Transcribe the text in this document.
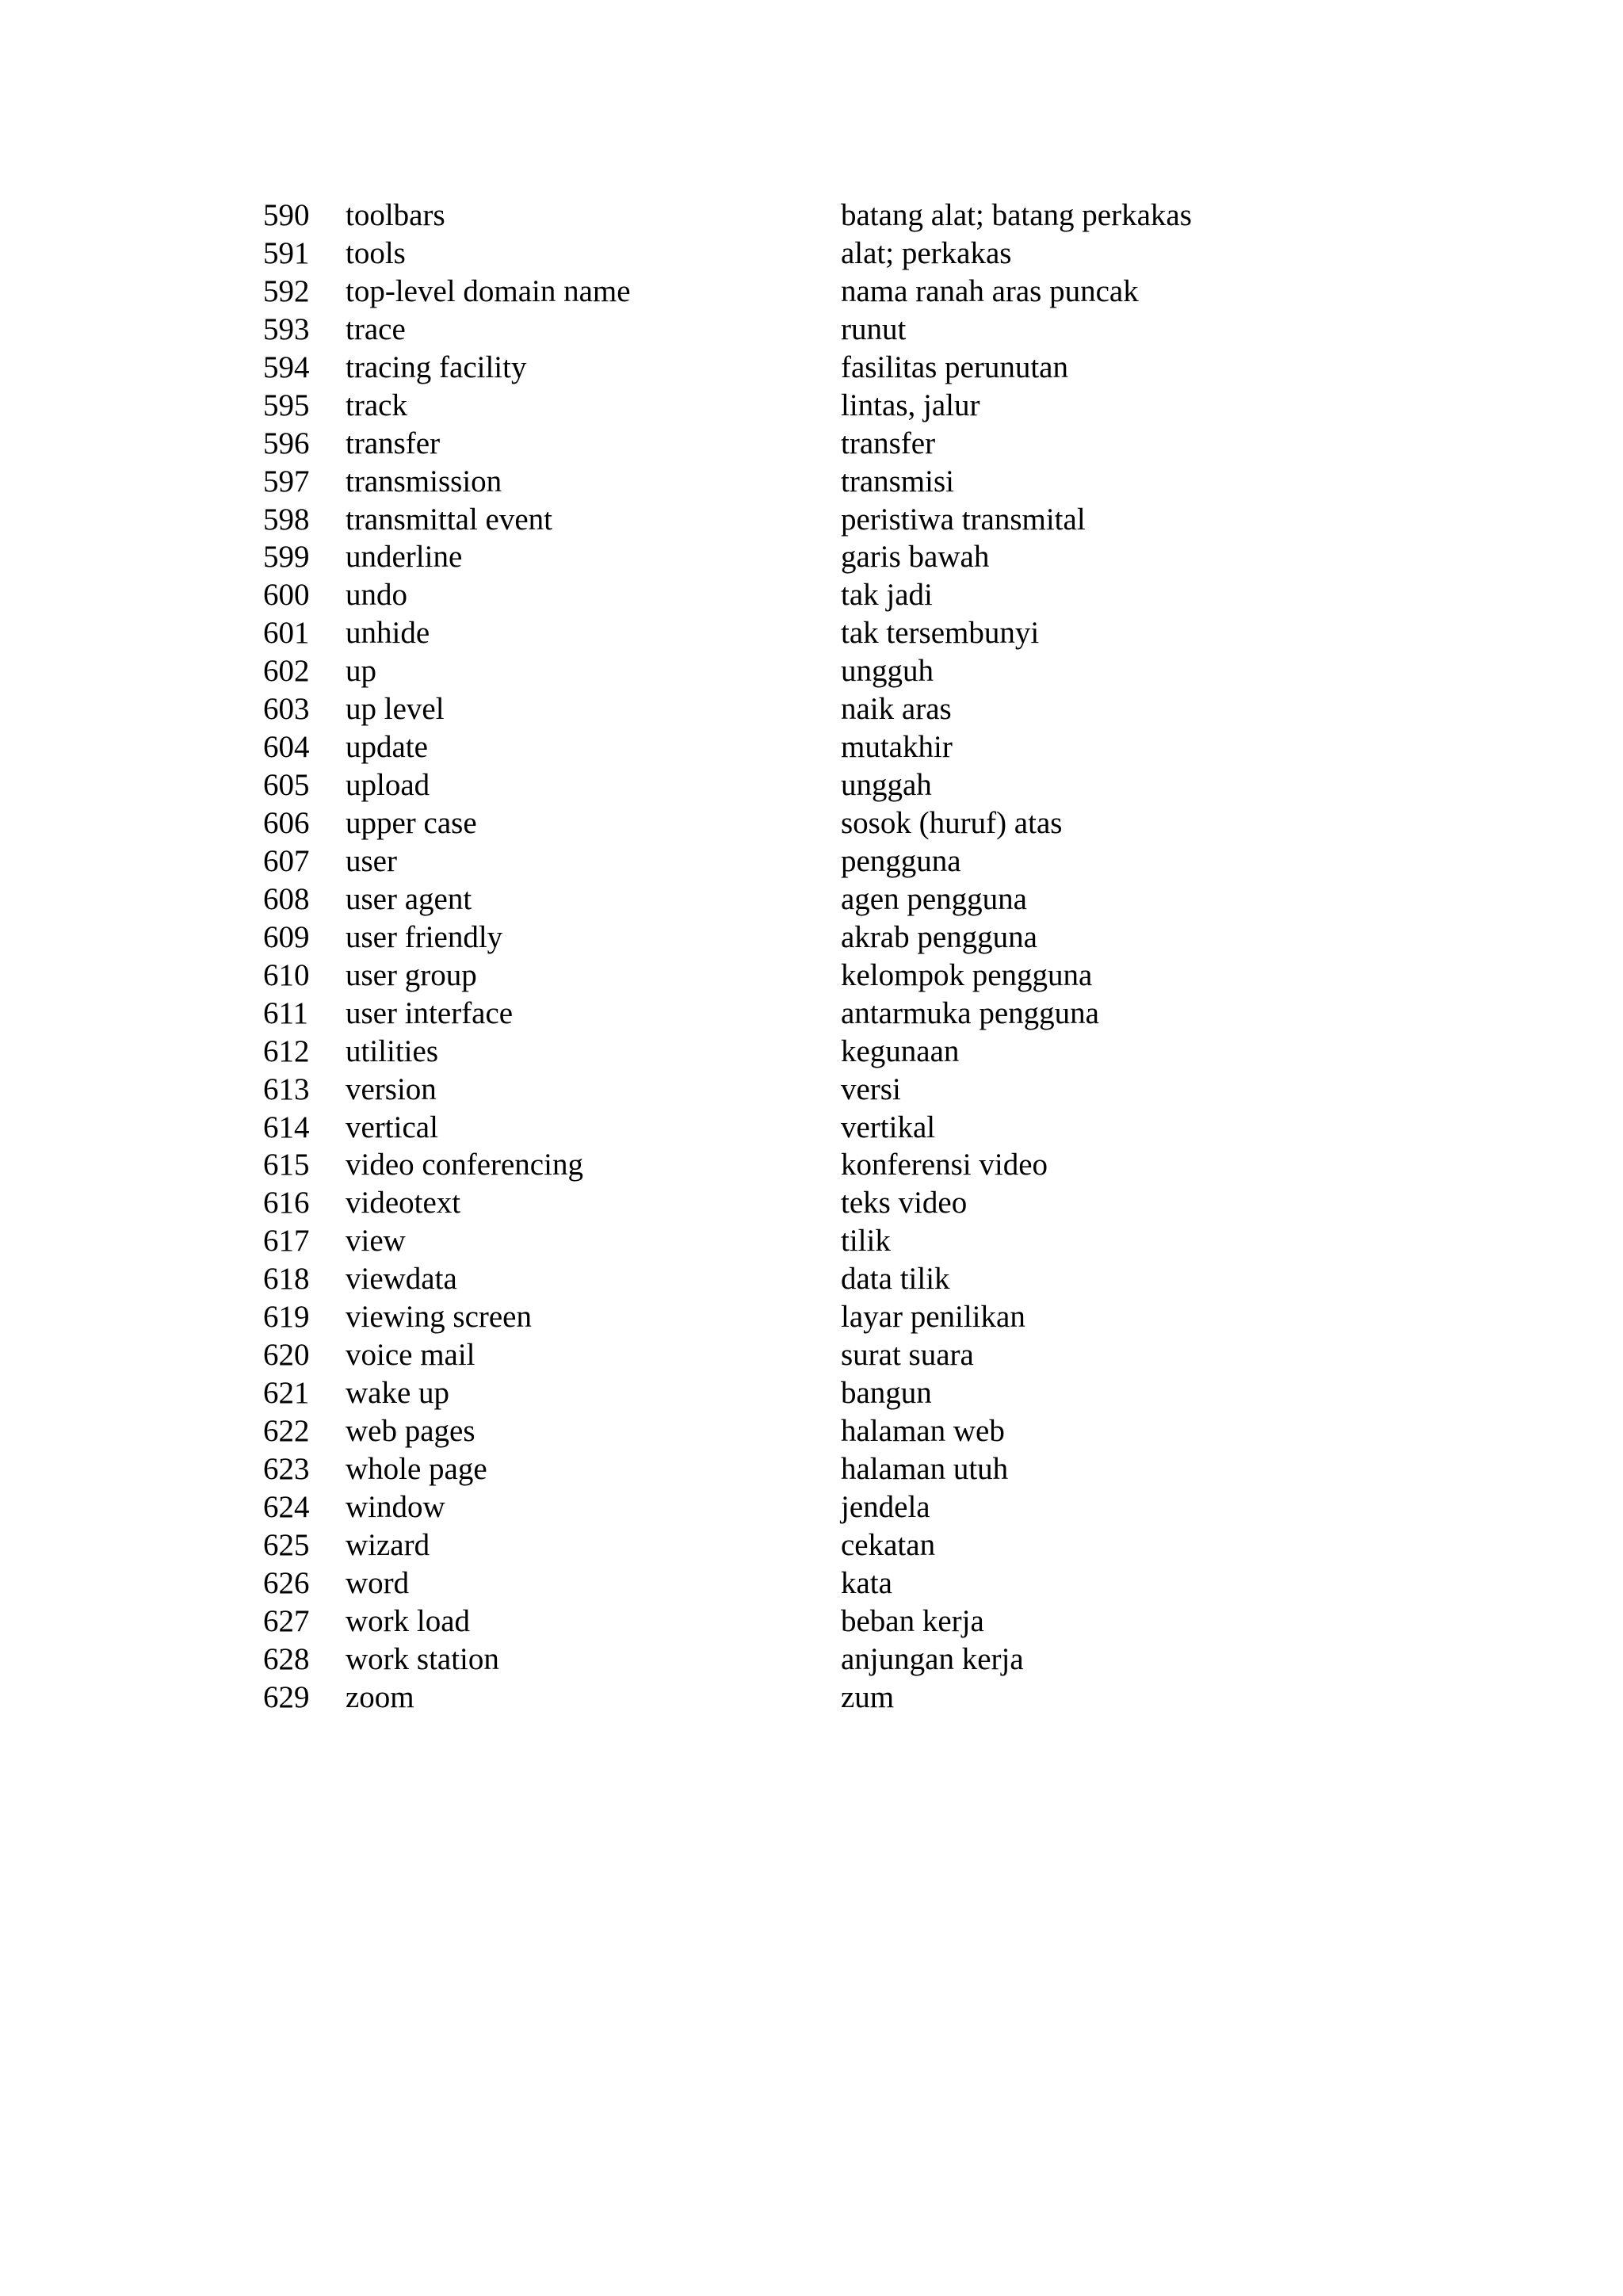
590 toolbars	batang alat; batang perkakas
591 tools	alat; perkakas
592 top-level domain name	nama ranah aras puncak
593 trace	runut
594 tracing facility	fasilitas perunutan
595 track	lintas, jalur
596 transfer	transfer
597 transmission	transmisi
598 transmittal event	peristiwa transmital
599 underline	garis bawah
600 undo	tak jadi
601 unhide	tak tersembunyi
602 up	ungguh
603 up level	naik aras
604 update	mutakhir
605 upload	unggah
606 upper case	sosok (huruf) atas
607 user	pengguna
608 user agent	agen pengguna
609 user friendly	akrab pengguna
610 user group	kelompok pengguna
611 user interface	antarmuka pengguna
612 utilities	kegunaan
613 version	versi
614 vertical	vertikal
615 video conferencing	konferensi video
616 videotext	teks video
617 view	tilik
618 viewdata	data tilik
619 viewing screen	layar penilikan
620 voice mail	surat suara
621 wake up	bangun
622 web pages	halaman web
623 whole page	halaman utuh
624 window	jendela
625 wizard	cekatan
626 word	kata
627 work load	beban kerja
628 work station	anjungan kerja
629 zoom	zum
